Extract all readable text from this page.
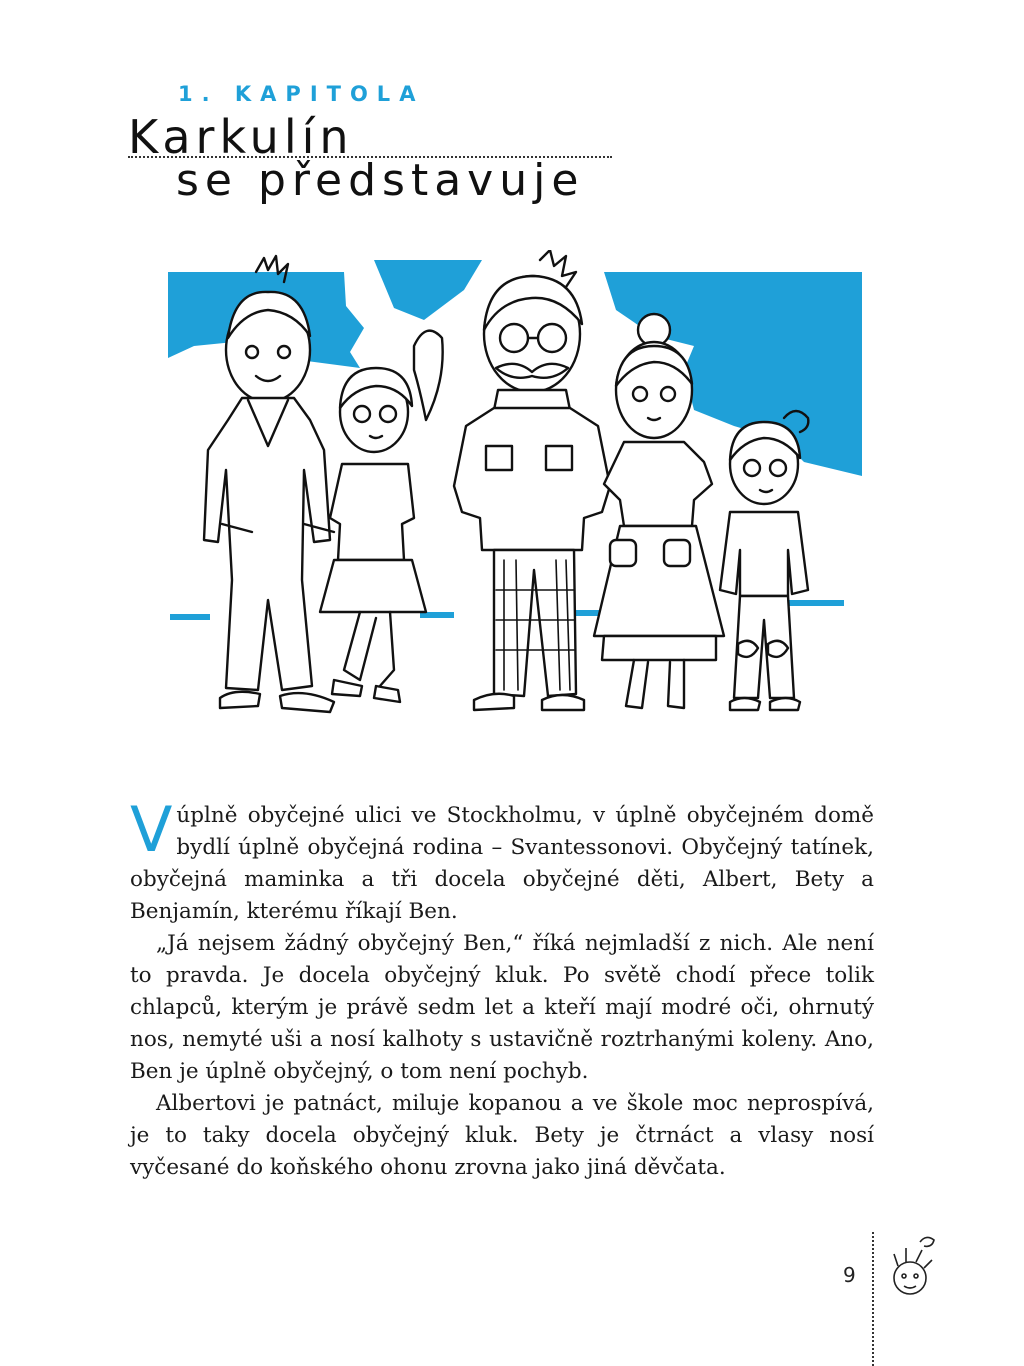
1. KAPITOLA
Karkulín
se představuje

V úplně obyčejné ulici ve Stockholmu, v úplně obyčejném domě bydlí úplně obyčejná rodina – Svantessonovi. Obyčejný tatínek, obyčejná maminka a tři docela obyčejné děti, Albert, Bety a Benjamín, kterému říkají Ben.

„Já nejsem žádný obyčejný Ben,“ říká nejmladší z nich. Ale není to pravda. Je docela obyčejný kluk. Po světě chodí přece tolik chlapců, kterým je právě sedm let a kteří mají modré oči, ohrnutý nos, nemyté uši a nosí kalhoty s ustavičně roztrhanými koleny. Ano, Ben je úplně obyčejný, o tom není pochyb.

Albertovi je patnáct, miluje kopanou a ve škole moc neprospívá, je to taky docela obyčejný kluk. Bety je čtrnáct a vlasy nosí vyčesané do koňského ohonu zrovna jako jiná děvčata.

9
